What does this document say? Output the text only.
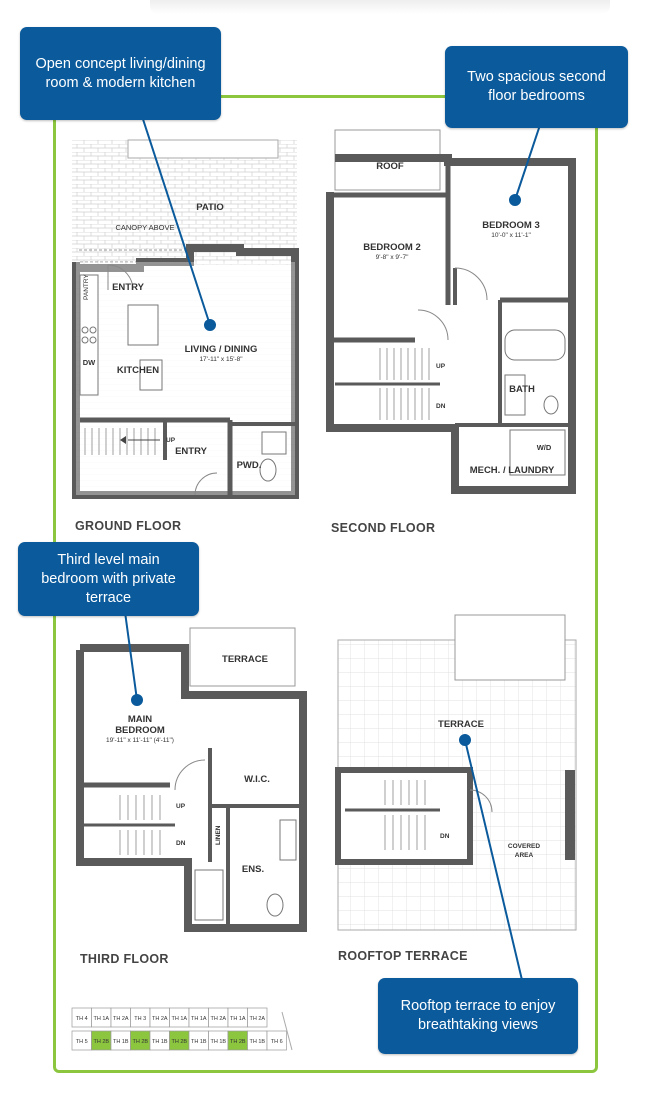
PATIO
CANOPY ABOVE
ENTRY
PANTRY
DW
KITCHEN
LIVING / DINING
17'-11" x 15'-8"
UP
ENTRY
PWD.
ROOF
BEDROOM 2
9'-8" x 9'-7"
BEDROOM 3
10'-0" x 11'-1"
UP
DN
BATH
W/D
MECH. / LAUNDRY
TERRACE
MAIN
BEDROOM
19'-11" x 11'-11" (4'-11")
W.I.C.
UP
DN	LINEN
ENS.
TERRACE
DN
COVERED
AREA
TH 4 TH 1A TH 2A TH 3 TH 2A TH 1A TH 1A TH 2A TH 1A TH 2A
TH 5 TH 2B TH 1B TH 2B TH 1B TH 2B TH 1B TH 1B TH 2B TH 1B TH 6
Open concept living/dining room & modern kitchen	Two spacious second floor bedrooms
Third level main bedroom with private terrace
Rooftop terrace to enjoy breathtaking views
GROUND FLOOR	SECOND FLOOR
THIRD FLOOR	ROOFTOP TERRACE
